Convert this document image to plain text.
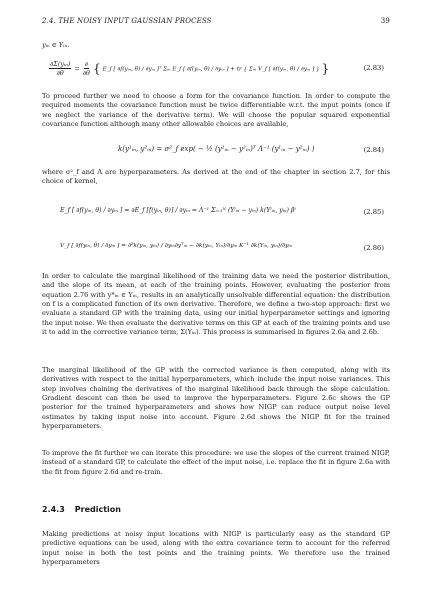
2.4. THE NOISY INPUT GAUSSIAN PROCESS	39
yᵢₙ ∈ Yᵢₙ.
$\frac{\text{∂Σ(yᵢₙ)}}{\partial\theta} = \frac{\partial}{\partial\theta}$ { E_f [ ∂f(yᵢₙ, θ) / ∂yᵢₙ ]ᵀ Σᵢₙ E_f [ ∂f(yᵢₙ, θ) / ∂yᵢₙ ] + tr { Σᵢₙ V_f [ ∂f(yᵢₙ, θ) / ∂yᵢₙ ] } }	(2.83)
To proceed further we need to choose a form for the covariance function. In order to compute the required moments the covariance function must be twice differentiable w.r.t. the input points (once if we neglect the variance of the derivative term). We will choose the popular squared exponential covariance function although many other allowable choices are available,
k(y¹ᵢₙ, y²ᵢₙ) = σ²_f exp( − ½ (y¹ᵢₙ − y²ᵢₙ)ᵀ Λ⁻¹ (y¹ᵢₙ − y²ᵢₙ) )	(2.84)
where σ²_f and Λ are hyperparameters. As derived at the end of the chapter in section 2.7, for this choice of kernel,
E_f [ ∂f(yᵢₙ, θ) / ∂yᵢₙ ] = ∂E_f [f(yᵢₙ, θ)] / ∂yᵢₙ = Λ⁻¹ Σᵢ₌₁ᴺ (Yⁱᵢₙ − yᵢₙ) k(Yⁱᵢₙ, yᵢₙ) βⁱ	(2.85)
V_f [ ∂f(yᵢₙ, θ) / ∂yᵢₙ ] = ∂²k(yᵢₙ, yᵢₙ) / ∂yᵢₙ∂yᵀᵢₙ − ∂k(yᵢₙ, Yᵢₙ)/∂yᵢₙ K⁻¹ ∂k(Yᵢₙ, yᵢₙ)/∂yᵢₙ	(2.86)
In order to calculate the marginal likelihood of the training data we need the posterior distribution, and the slope of its mean, at each of the training points. However, evaluating the posterior from equation 2.76 with y*ᵢₙ ∈ Yᵢₙ, results in an analytically unsolvable differential equation: the distribution on f is a complicated function of its own derivative. Therefore, we define a two-step approach: first we evaluate a standard GP with the training data, using our initial hyperparameter settings and ignoring the input noise. We then evaluate the derivative terms on this GP at each of the training points and use it to add in the corrective variance term, Σ(Yᵢₙ). This process is summarised in figures 2.6a and 2.6b.
The marginal likelihood of the GP with the corrected variance is then computed, along with its derivatives with respect to the initial hyperparameters, which include the input noise variances. This step involves chaining the derivatives of the marginal likelihood back through the slope calculation. Gradient descent can then be used to improve the hyperparameters. Figure 2.6c shows the GP posterior for the trained hyperparameters and shows how NIGP can reduce output noise level estimates by taking input noise into account. Figure 2.6d shows the NIGP fit for the trained hyperparameters.
To improve the fit further we can iterate this procedure: we use the slopes of the current trained NIGP, instead of a standard GP, to calculate the effect of the input noise, i.e. replace the fit in figure 2.6a with the fit from figure 2.6d and re-train.
2.4.3 Prediction
Making predictions at noisy input locations with NIGP is particularly easy as the standard GP predictive equations can be used, along with the extra covariance term to account for the referred input noise in both the test points and the training points. We therefore use the trained hyperparameters
